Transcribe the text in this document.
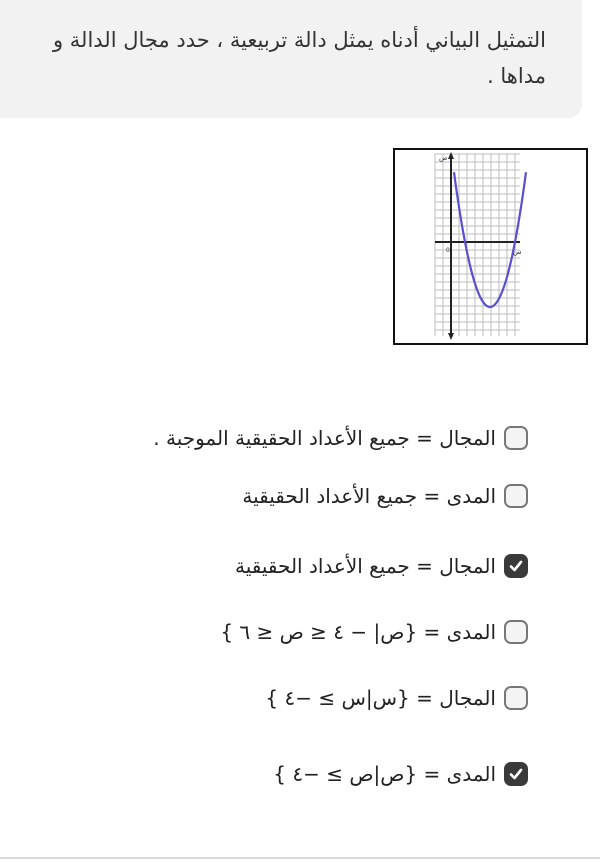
التمثيل البياني أدناه يمثل دالة تربيعية ، حدد مجال الدالة و مداها .
ص
س
0
المجال = جميع الأعداد الحقيقية الموجبة .
المدى = جميع الأعداد الحقيقية
المجال = جميع الأعداد الحقيقية
المدى = {ص| − ٤ ≤ ص ≤ ٦ }
المجال = {س|س ≥ −٤ }
المدى = {ص|ص ≥ −٤ }
